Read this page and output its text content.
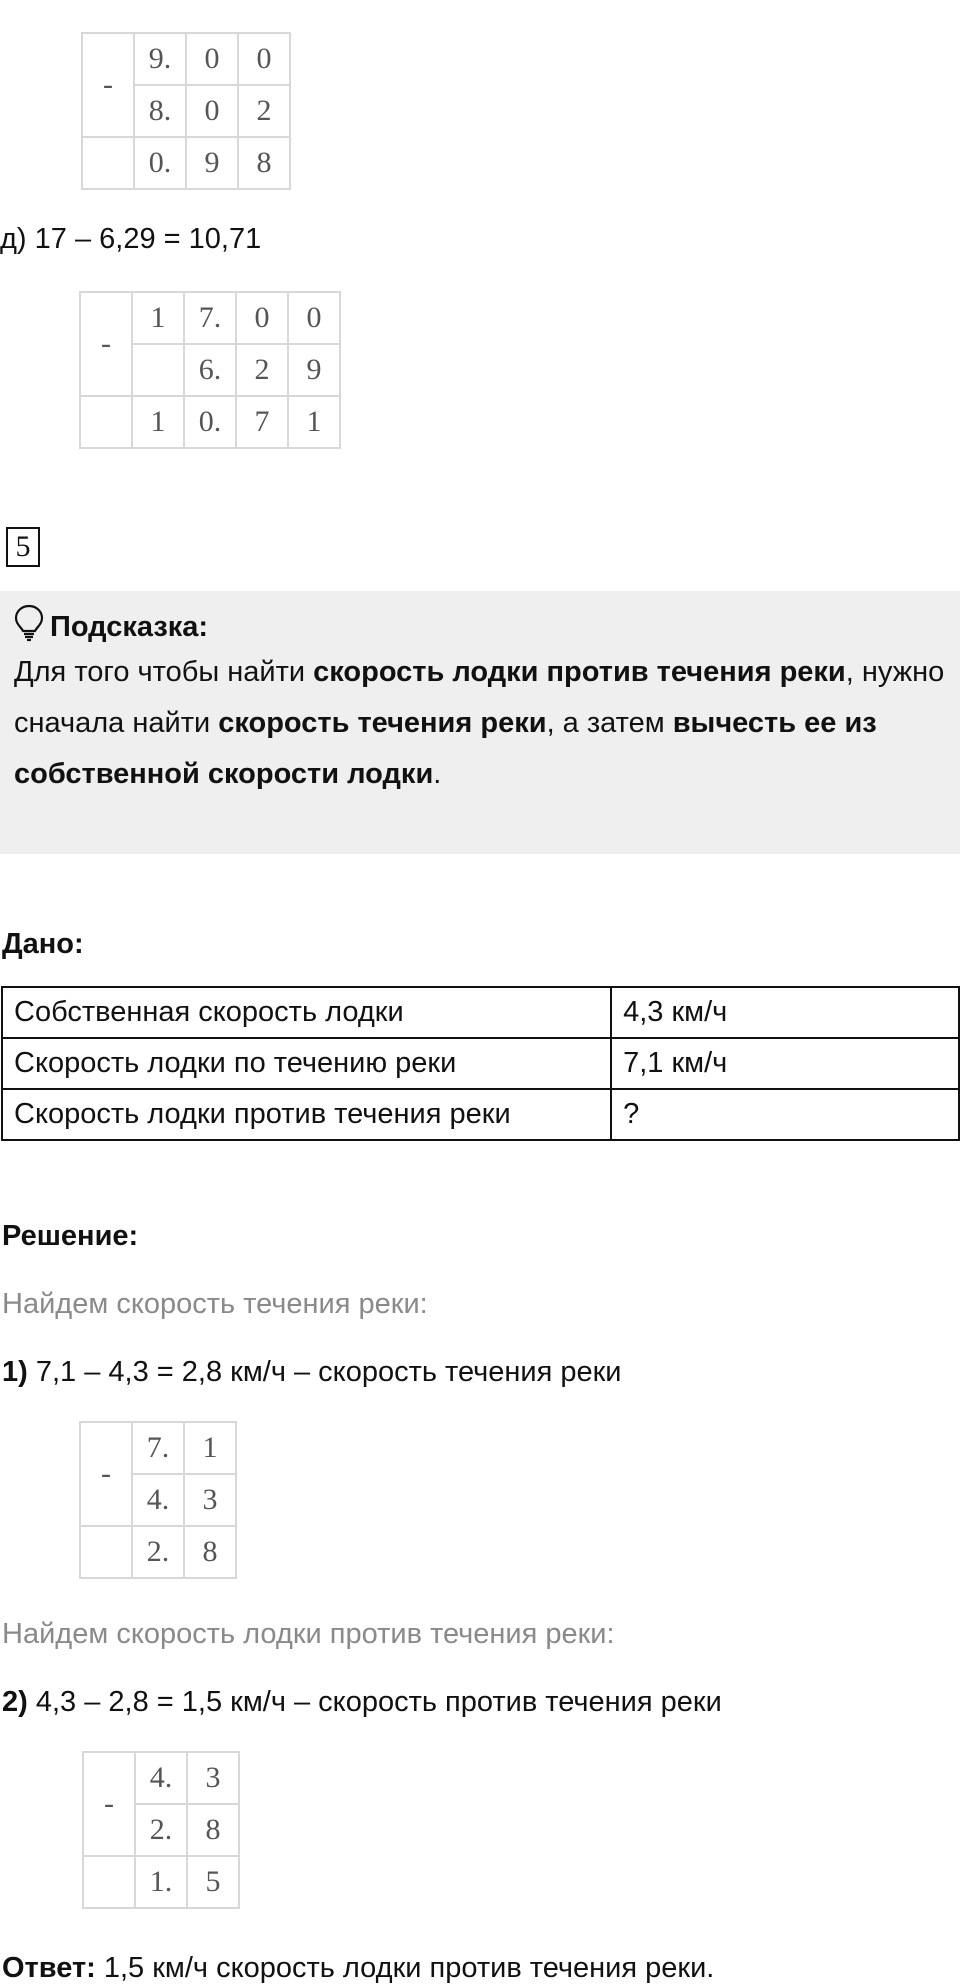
-	9.	0	0
	8.	0	2
	0.	9	8
д) 17 – 6,29 = 10,71
-	1	7.	0	0
		6.	2	9
	1	0.	7	1
5
Подсказка:
Для того чтобы найти скорость лодки против течения реки, нужно сначала найти скорость течения реки, а затем вычесть ее из собственной скорости лодки.
Дано:
Собственная скорость лодки	4,3 км/ч
Скорость лодки по течению реки	7,1 км/ч
Скорость лодки против течения реки	?
Решение:
Найдем скорость течения реки:
1) 7,1 – 4,3 = 2,8 км/ч – скорость течения реки
-	7.	1
	4.	3
	2.	8
Найдем скорость лодки против течения реки:
2) 4,3 – 2,8 = 1,5 км/ч – скорость против течения реки
-	4.	3
	2.	8
	1.	5
Ответ: 1,5 км/ч скорость лодки против течения реки.
